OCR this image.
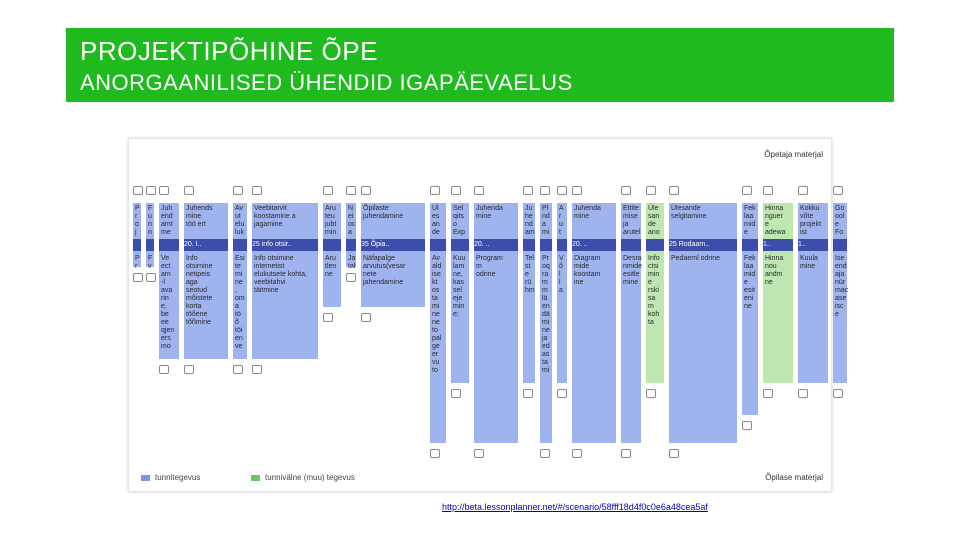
PROJEKTIPÕHINE ÕPE
ANORGAANILISED ÜHENDID IGAPÄEVAELUS
Õpetaja materjal
P
r
o
j
P
r
F
u
n
n
F
v
Juh
end
amt
me
Ve
ect
am
-l
ava
rin
e,
be
ee
qjen
ers
mo
Juhends
mine
töö ert
20. I..
Info
otsirnine
netipeis
aga
seotud
mõistete
korta
töõene
tõñmine
Av
ut
elu
luk
Esi
te
mi
ne
,
om
a
tö
õ
töi
en
ve
Veebitarvit
koostamine a
jagamine
25 info otsir..
Info otsimine
internetist
elukutsete kohta,
veebitahvi
täitmine
Aru
teu
jubt
min
Aru
tlen
ne
N
ei
oc
a
Ja
tal
Õpilaste
juhendamine
35 Õpia..
Näfapalge
arvutus(vesar
nete
jahendamine
Ül
es
an
de
Av
ald
ise
kt
os
ta
mi
ne
ne
to
pal
ge
er
vu
to
Sel
qits
o
Exp
Kuu
lam
ne,
kas
sel
eje
min
e;
Juhenda
mine
20. ..
Program
m
odrine
Ju
he
nd
am
Tel
st
e
rü
hm
Pl
nd
a
mi
Pr
oq
ra
m
m
lä
en
dä
mi
ne
ja
ed
as
ta
mi
A
r
u
t
V
õ
l
l
a
Juhenda
mine
20. ..
Diagram
mide
koostam
ine
Ettite
mise
ja
arutel
Desra
nmide
esitle
mine
Üle
san
de
ano
Info
ctsi
min
e
rski
sa
m
koh
ta
Ülesande
selgitamine
25 Rodaam..
Pedaeml odrine
Fek
laa
mid
e
Fek
laa
mid
e
esit
eni
ne
Hinna
nguer
e
adewa
1..
Hinna
nou
andm
ne
Kokku
võte
projekt
ist
1..
Kuula
mine
Go
ool
e
Fo
Ise
end
aja
nür
mac
ase
isc
e
Õpilase materjal
tunnitegevus	tunnivälne (muu) tegevus
http://beta.lessonplanner.net/#/scenario/58fff18d4f0c0e6a48cea5af
